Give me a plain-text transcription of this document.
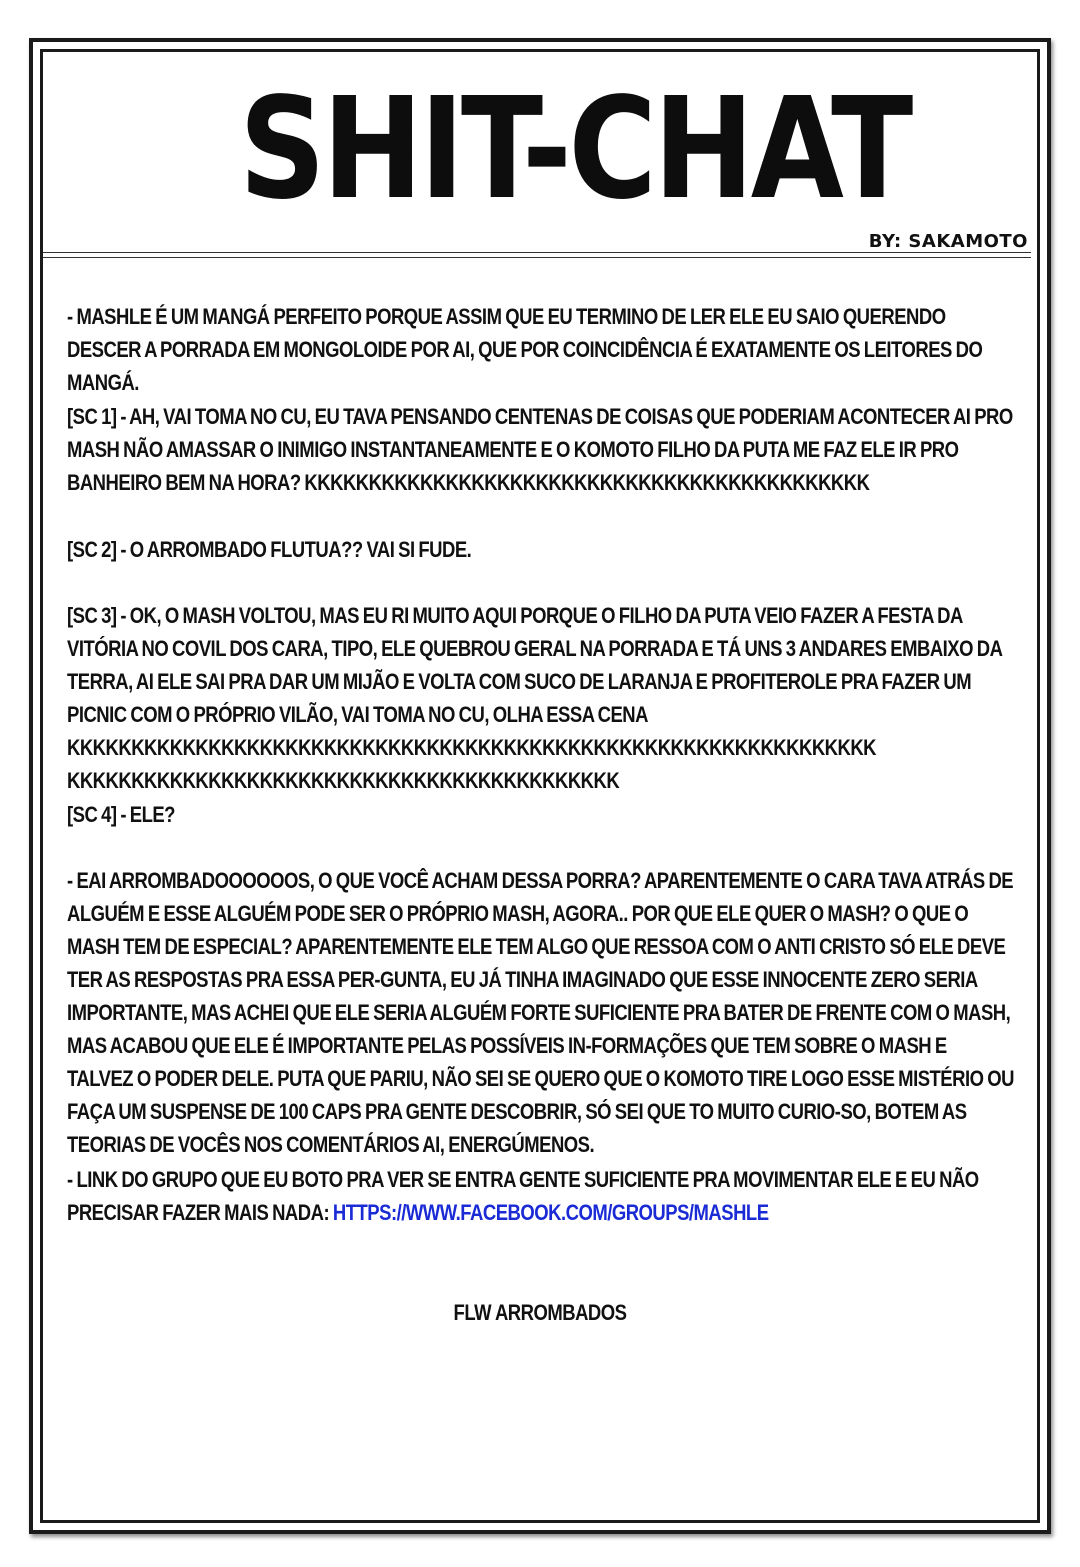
SHIT-CHAT
BY: SAKAMOTO

- MASHLE É UM MANGÁ PERFEITO PORQUE ASSIM QUE EU TERMINO DE LER ELE EU SAIO QUERENDO DESCER A PORRADA EM MONGOLOIDE POR AI, QUE POR COINCIDÊNCIA É EXATAMENTE OS LEITORES DO MANGÁ.

[SC 1] - AH, VAI TOMA NO CU, EU TAVA PENSANDO CENTENAS DE COISAS QUE PODERIAM ACONTECER AI PRO MASH NÃO AMASSAR O INIMIGO INSTANTANEAMENTE E O KOMOTO FILHO DA PUTA ME FAZ ELE IR PRO BANHEIRO BEM NA HORA? KKKKKKKKKKKKKKKKKKKKKKKKKKKKKKKKKKKKKKKKKKKK

[SC 2] - O ARROMBADO FLUTUA?? VAI SI FUDE.

[SC 3] - OK, O MASH VOLTOU, MAS EU RI MUITO AQUI PORQUE O FILHO DA PUTA VEIO FAZER A FESTA DA VITÓRIA NO COVIL DOS CARA, TIPO, ELE QUEBROU GERAL NA PORRADA E TÁ UNS 3 ANDARES EMBAIXO DA TERRA, AI ELE SAI PRA DAR UM MIJÃO E VOLTA COM SUCO DE LARANJA E PROFITEROLE PRA FAZER UM PICNIC COM O PRÓPRIO VILÃO, VAI TOMA NO CU, OLHA ESSA CENA KKKKKKKKKKKKKKKKKKKKKKKKKKKKKKKKKKKKKKKKKKKKKKKKKKKKKKKKKKKKKKK KKKKKKKKKKKKKKKKKKKKKKKKKKKKKKKKKKKKKKKKKKK

[SC 4] - ELE?

- EAI ARROMBADOOOOOOS, O QUE VOCÊ ACHAM DESSA PORRA? APARENTEMENTE O CARA TAVA ATRÁS DE ALGUÉM E ESSE ALGUÉM PODE SER O PRÓPRIO MASH, AGORA.. POR QUE ELE QUER O MASH? O QUE O MASH TEM DE ESPECIAL? APARENTEMENTE ELE TEM ALGO QUE RESSOA COM O ANTI CRISTO SÓ ELE DEVE TER AS RESPOSTAS PRA ESSA PER-GUNTA, EU JÁ TINHA IMAGINADO QUE ESSE INNOCENTE ZERO SERIA IMPORTANTE, MAS ACHEI QUE ELE SERIA ALGUÉM FORTE SUFICIENTE PRA BATER DE FRENTE COM O MASH, MAS ACABOU QUE ELE É IMPORTANTE PELAS POSSÍVEIS IN-FORMAÇÕES QUE TEM SOBRE O MASH E TALVEZ O PODER DELE. PUTA QUE PARIU, NÃO SEI SE QUERO QUE O KOMOTO TIRE LOGO ESSE MISTÉRIO OU FAÇA UM SUSPENSE DE 100 CAPS PRA GENTE DESCOBRIR, SÓ SEI QUE TO MUITO CURIO-SO, BOTEM AS TEORIAS DE VOCÊS NOS COMENTÁRIOS AI, ENERGÚMENOS.

- LINK DO GRUPO QUE EU BOTO PRA VER SE ENTRA GENTE SUFICIENTE PRA MOVIMENTAR ELE E EU NÃO PRECISAR FAZER MAIS NADA: HTTPS://WWW.FACEBOOK.COM/GROUPS/MASHLE

FLW ARROMBADOS
